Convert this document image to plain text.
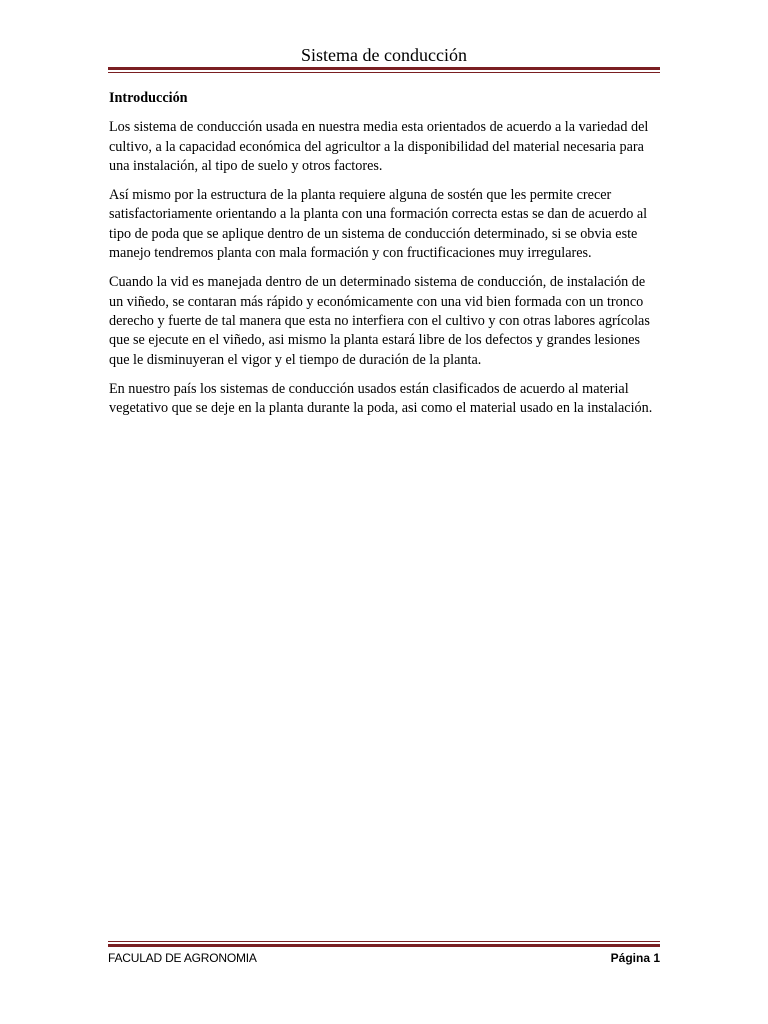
Sistema de conducción

Introducción

Los sistema de conducción usada en nuestra media esta orientados de acuerdo a la variedad del cultivo, a la capacidad económica del agricultor a la disponibilidad del material necesaria para una instalación, al tipo de suelo y otros factores.

Así mismo por la estructura de la planta requiere alguna de sostén que les permite crecer satisfactoriamente orientando a la planta con una formación correcta estas se dan de acuerdo al tipo de poda que se aplique dentro de un sistema de conducción determinado, si se obvia este manejo tendremos planta con mala formación y con fructificaciones muy irregulares.

Cuando la vid es manejada dentro de un determinado sistema de conducción, de instalación de un viñedo, se contaran más rápido y económicamente con una vid bien formada con un tronco derecho y fuerte de tal manera que esta no interfiera con el cultivo y con otras labores agrícolas que se ejecute en el viñedo, asi mismo la planta estará libre de los defectos y grandes lesiones que le disminuyeran el vigor y el tiempo de duración de la planta.

En nuestro país los sistemas de conducción usados están clasificados de acuerdo al material vegetativo que se deje en la planta durante la poda, asi como el material usado en la instalación.

FACULAD DE AGRONOMIA	Página 1
